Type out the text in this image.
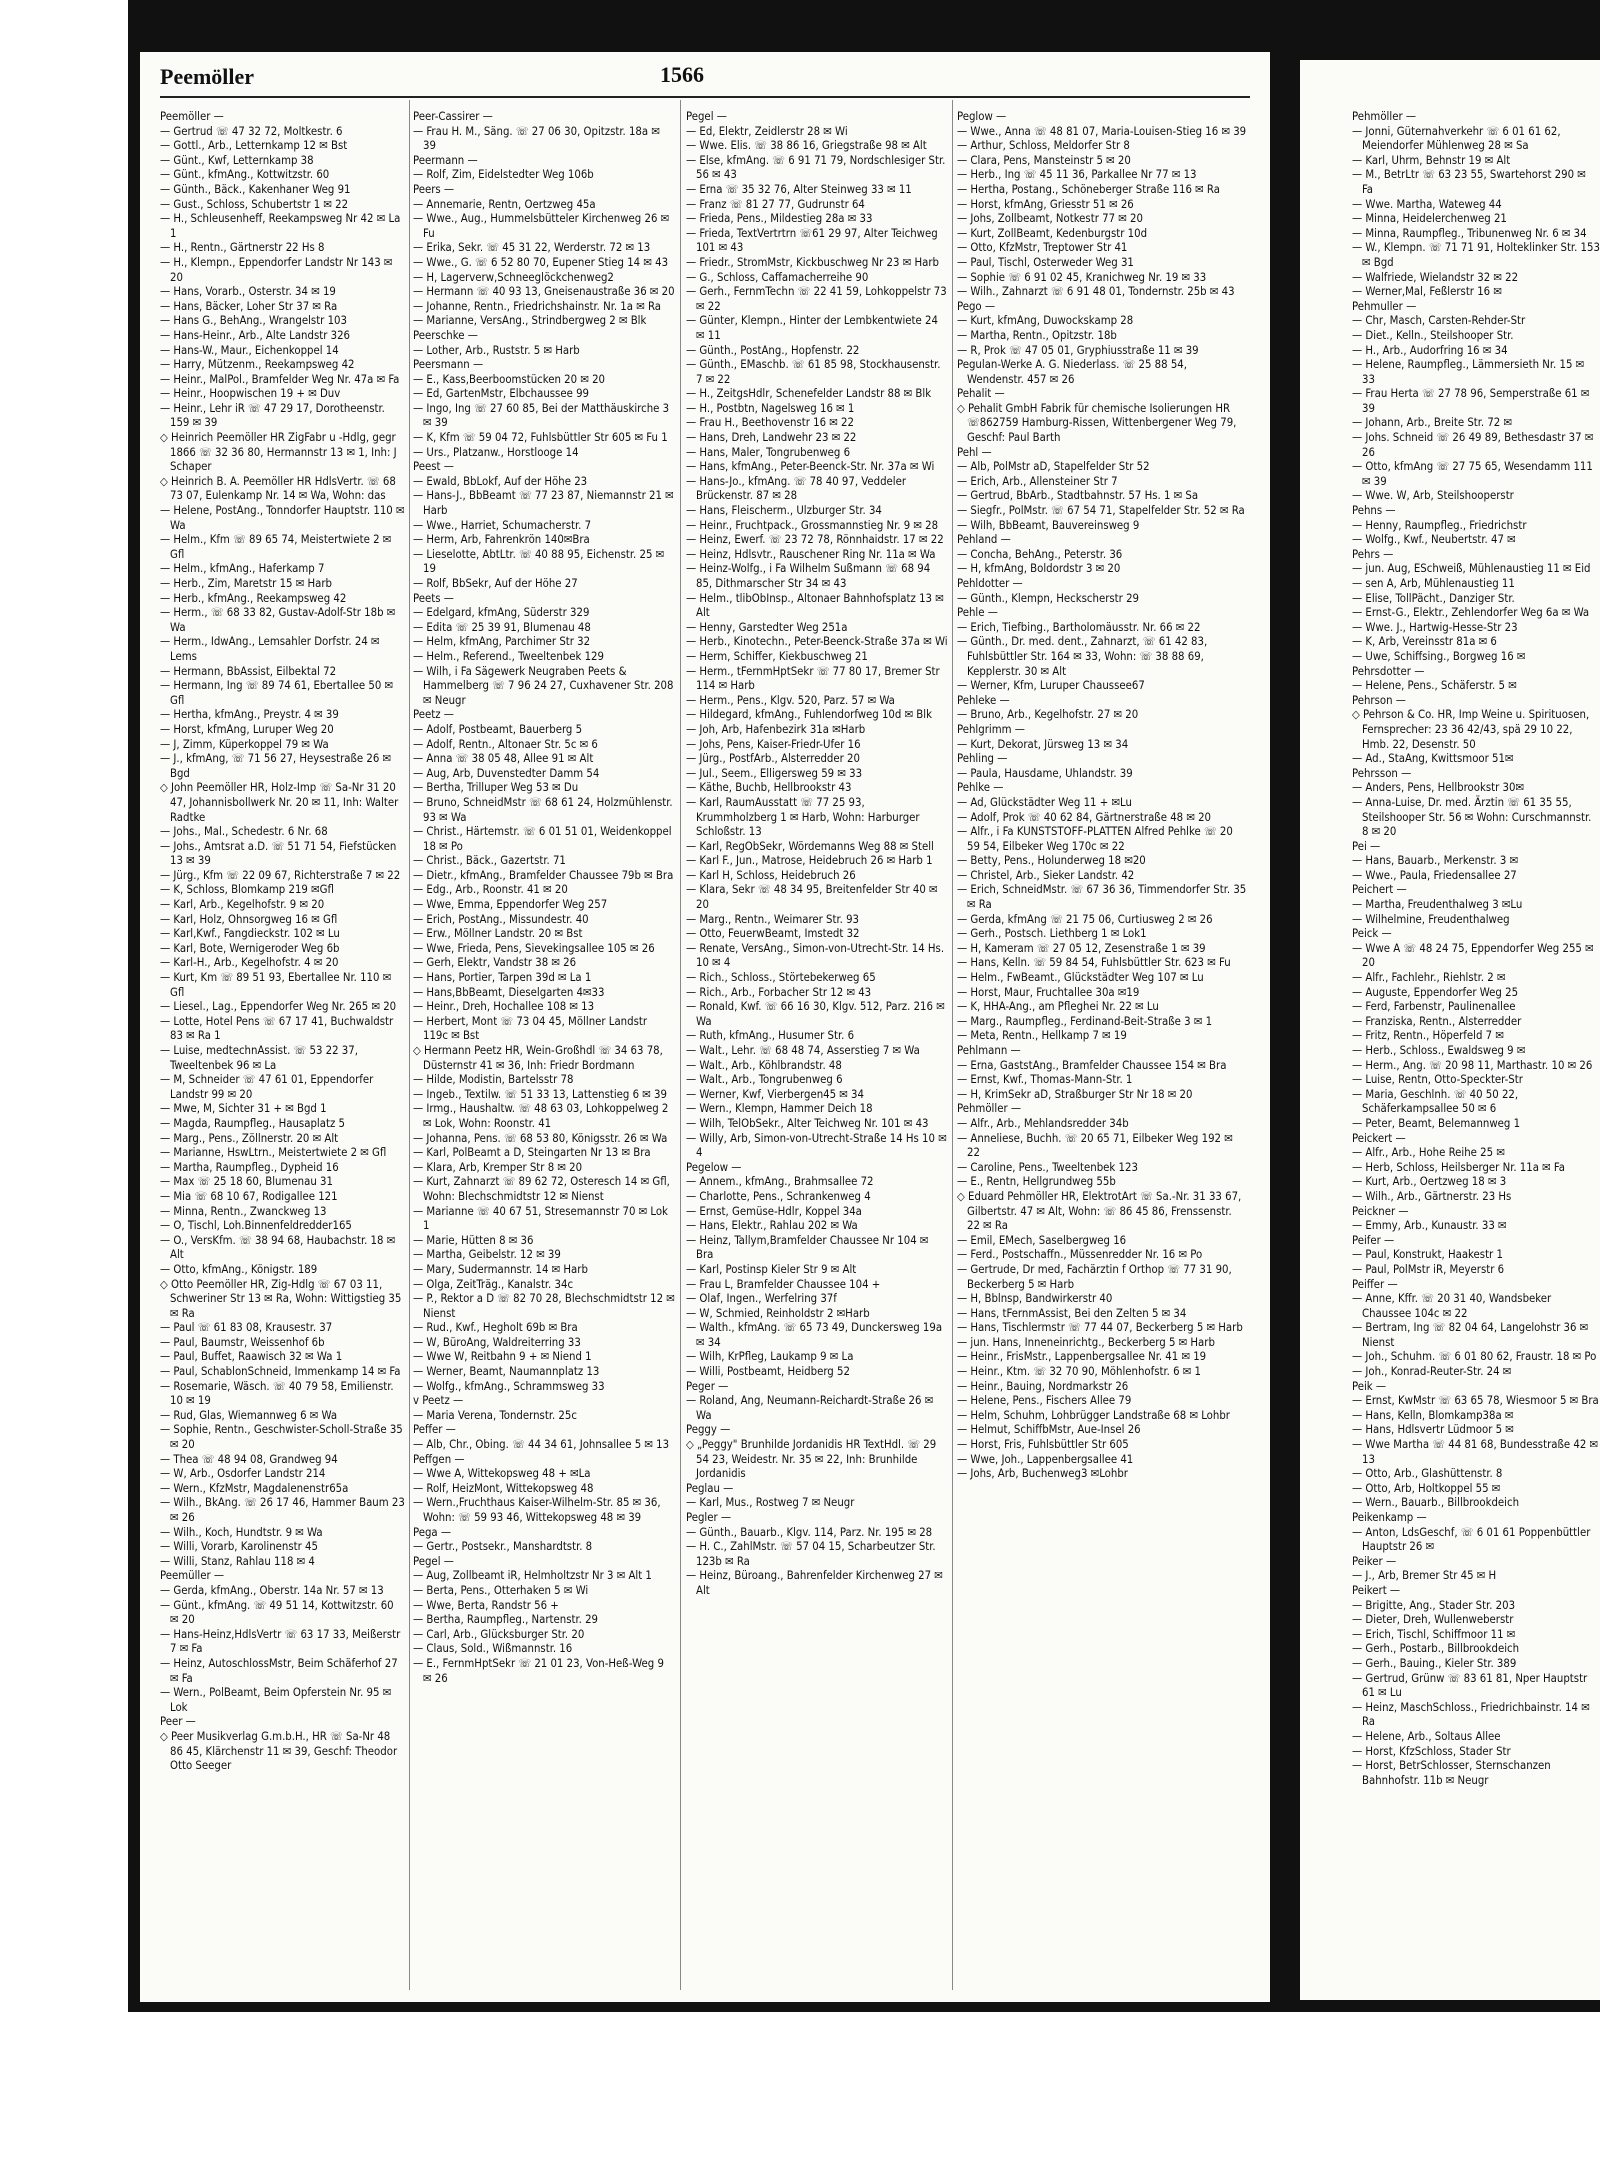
Peemöller	1566

Peemöller —

— Gertrud ☏ 47 32 72, Moltkestr. 6

— Gottl., Arb., Letternkamp 12 ✉ Bst

— Günt., Kwf, Letternkamp 38

— Günt., kfmAng., Kottwitzstr. 60

— Günth., Bäck., Kakenhaner Weg 91

— Gust., Schloss, Schubertstr 1 ✉ 22

— H., Schleusenheff, Reekampsweg Nr 42 ✉ La 1

— H., Rentn., Gärtnerstr 22 Hs 8

— H., Klempn., Eppendorfer Landstr Nr 143 ✉ 20

— Hans, Vorarb., Osterstr. 34 ✉ 19

— Hans, Bäcker, Loher Str 37 ✉ Ra

— Hans G., BehAng., Wrangelstr 103

— Hans-Heinr., Arb., Alte Landstr 326

— Hans-W., Maur., Eichenkoppel 14

— Harry, Mützenm., Reekampsweg 42

— Heinr., MalPol., Bramfelder Weg Nr. 47a ✉ Fa

— Heinr., Hoopwischen 19 + ✉ Duv

— Heinr., Lehr iR ☏ 47 29 17, Dorotheenstr. 159 ✉ 39

◇ Heinrich Peemöller HR ZigFabr u -Hdlg, gegr 1866 ☏ 32 36 80, Hermannstr 13 ✉ 1, Inh: J Schaper

◇ Heinrich B. A. Peemöller HR HdlsVertr. ☏ 68 73 07, Eulenkamp Nr. 14 ✉ Wa, Wohn: das

— Helene, PostAng., Tonndorfer Hauptstr. 110 ✉ Wa

— Helm., Kfm ☏ 89 65 74, Meistertwiete 2 ✉ Gfl

— Helm., kfmAng., Haferkamp 7

— Herb., Zim, Maretstr 15 ✉ Harb

— Herb., kfmAng., Reekampsweg 42

— Herm., ☏ 68 33 82, Gustav-Adolf-Str 18b ✉ Wa

— Herm., IdwAng., Lemsahler Dorfstr. 24 ✉ Lems

— Hermann, BbAssist, Eilbektal 72

— Hermann, Ing ☏ 89 74 61, Ebertallee 50 ✉ Gfl

— Hertha, kfmAng., Preystr. 4 ✉ 39

— Horst, kfmAng, Luruper Weg 20

— J, Zimm, Küperkoppel 79 ✉ Wa

— J., kfmAng, ☏ 71 56 27, Heysestraße 26 ✉ Bgd

◇ John Peemöller HR, Holz-Imp ☏ Sa-Nr 31 20 47, Johannisbollwerk Nr. 20 ✉ 11, Inh: Walter Radtke

— Johs., Mal., Schedestr. 6 Nr. 68

— Johs., Amtsrat a.D. ☏ 51 71 54, Fiefstücken 13 ✉ 39

— Jürg., Kfm ☏ 22 09 67, Richterstraße 7 ✉ 22

— K, Schloss, Blomkamp 219 ✉Gfl

— Karl, Arb., Kegelhofstr. 9 ✉ 20

— Karl, Holz, Ohnsorgweg 16 ✉ Gfl

— Karl,Kwf., Fangdieckstr. 102 ✉ Lu

— Karl, Bote, Wernigeroder Weg 6b

— Karl-H., Arb., Kegelhofstr. 4 ✉ 20

— Kurt, Km ☏ 89 51 93, Ebertallee Nr. 110 ✉ Gfl

— Liesel., Lag., Eppendorfer Weg Nr. 265 ✉ 20

— Lotte, Hotel Pens ☏ 67 17 41, Buchwaldstr 83 ✉ Ra 1

— Luise, medtechnAssist. ☏ 53 22 37, Tweeltenbek 96 ✉ La

— M, Schneider ☏ 47 61 01, Eppendorfer Landstr 99 ✉ 20

— Mwe, M, Sichter 31 + ✉ Bgd 1

— Magda, Raumpfleg., Hausaplatz 5

— Marg., Pens., Zöllnerstr. 20 ✉ Alt

— Marianne, HswLtrn., Meistertwiete 2 ✉ Gfl

— Martha, Raumpfleg., Dypheid 16

— Max ☏ 25 18 60, Blumenau 31

— Mia ☏ 68 10 67, Rodigallee 121

— Minna, Rentn., Zwanckweg 13

— O, Tischl, Loh.Binnenfeldredder165

— O., VersKfm. ☏ 38 94 68, Haubachstr. 18 ✉ Alt

— Otto, kfmAng., Königstr. 189

◇ Otto Peemöller HR, Zig-Hdlg ☏ 67 03 11, Schweriner Str 13 ✉ Ra, Wohn: Wittigstieg 35 ✉ Ra

— Paul ☏ 61 83 08, Krausestr. 37

— Paul, Baumstr, Weissenhof 6b

— Paul, Buffet, Raawisch 32 ✉ Wa 1

— Paul, SchablonSchneid, Immenkamp 14 ✉ Fa

— Rosemarie, Wäsch. ☏ 40 79 58, Emilienstr. 10 ✉ 19

— Rud, Glas, Wiemannweg 6 ✉ Wa

— Sophie, Rentn., Geschwister-Scholl-Straße 35 ✉ 20

— Thea ☏ 48 94 08, Grandweg 94

— W, Arb., Osdorfer Landstr 214

— Wern., KfzMstr, Magdalenenstr65a

— Wilh., BkAng. ☏ 26 17 46, Hammer Baum 23 ✉ 26

— Wilh., Koch, Hundtstr. 9 ✉ Wa

— Willi, Vorarb, Karolinenstr 45

— Willi, Stanz, Rahlau 118 ✉ 4

Peemüller —

— Gerda, kfmAng., Oberstr. 14a Nr. 57 ✉ 13

— Günt., kfmAng. ☏ 49 51 14, Kottwitzstr. 60 ✉ 20

— Hans-Heinz,HdlsVertr ☏ 63 17 33, Meißerstr 7 ✉ Fa

— Heinz, AutoschlossMstr, Beim Schäferhof 27 ✉ Fa

— Wern., PolBeamt, Beim Opferstein Nr. 95 ✉ Lok

Peer —

◇ Peer Musikverlag G.m.b.H., HR ☏ Sa-Nr 48 86 45, Klärchenstr 11 ✉ 39, Geschf: Theodor Otto Seeger

Peer-Cassirer —

— Frau H. M., Säng. ☏ 27 06 30, Opitzstr. 18a ✉ 39

Peermann —

— Rolf, Zim, Eidelstedter Weg 106b

Peers —

— Annemarie, Rentn, Oertzweg 45a

— Wwe., Aug., Hummelsbütteler Kirchenweg 26 ✉ Fu

— Erika, Sekr. ☏ 45 31 22, Werderstr. 72 ✉ 13

— Wwe., G. ☏ 6 52 80 70, Eupener Stieg 14 ✉ 43

— H, Lagerverw,Schneeglöckchenweg2

— Hermann ☏ 40 93 13, Gneisenaustraße 36 ✉ 20

— Johanne, Rentn., Friedrichshainstr. Nr. 1a ✉ Ra

— Marianne, VersAng., Strindbergweg 2 ✉ Blk

Peerschke —

— Lother, Arb., Ruststr. 5 ✉ Harb

Peersmann —

— E., Kass,Beerboomstücken 20 ✉ 20

— Ed, GartenMstr, Elbchaussee 99

— Ingo, Ing ☏ 27 60 85, Bei der Matthäuskirche 3 ✉ 39

— K, Kfm ☏ 59 04 72, Fuhlsbüttler Str 605 ✉ Fu 1

— Urs., Platzanw., Horstlooge 14

Peest —

— Ewald, BbLokf, Auf der Höhe 23

— Hans-J., BbBeamt ☏ 77 23 87, Niemannstr 21 ✉ Harb

— Wwe., Harriet, Schumacherstr. 7

— Herm, Arb, Fahrenkrön 140✉Bra

— Lieselotte, AbtLtr. ☏ 40 88 95, Eichenstr. 25 ✉ 19

— Rolf, BbSekr, Auf der Höhe 27

Peets —

— Edelgard, kfmAng, Süderstr 329

— Edita ☏ 25 39 91, Blumenau 48

— Helm, kfmAng, Parchimer Str 32

— Helm., Referend., Tweeltenbek 129

— Wilh, i Fa Sägewerk Neugraben Peets & Hammelberg ☏ 7 96 24 27, Cuxhavener Str. 208 ✉ Neugr

Peetz —

— Adolf, Postbeamt, Bauerberg 5

— Adolf, Rentn., Altonaer Str. 5c ✉ 6

— Anna ☏ 38 05 48, Allee 91 ✉ Alt

— Aug, Arb, Duvenstedter Damm 54

— Bertha, Trilluper Weg 53 ✉ Du

— Bruno, SchneidMstr ☏ 68 61 24, Holzmühlenstr. 93 ✉ Wa

— Christ., Härtemstr. ☏ 6 01 51 01, Weidenkoppel 18 ✉ Po

— Christ., Bäck., Gazertstr. 71

— Dietr., kfmAng., Bramfelder Chaussee 79b ✉ Bra

— Edg., Arb., Roonstr. 41 ✉ 20

— Wwe, Emma, Eppendorfer Weg 257

— Erich, PostAng., Missundestr. 40

— Erw., Möllner Landstr. 20 ✉ Bst

— Wwe, Frieda, Pens, Sievekingsallee 105 ✉ 26

— Gerh, Elektr, Vandstr 38 ✉ 26

— Hans, Portier, Tarpen 39d ✉ La 1

— Hans,BbBeamt, Dieselgarten 4✉33

— Heinr., Dreh, Hochallee 108 ✉ 13

— Herbert, Mont ☏ 73 04 45, Möllner Landstr 119c ✉ Bst

◇ Hermann Peetz HR, Wein-Großhdl ☏ 34 63 78, Düsternstr 41 ✉ 36, Inh: Friedr Bordmann

— Hilde, Modistin, Bartelsstr 78

— Ingeb., Textilw. ☏ 51 33 13, Lattenstieg 6 ✉ 39

— Irmg., Haushaltw. ☏ 48 63 03, Lohkoppelweg 2 ✉ Lok, Wohn: Roonstr. 41

— Johanna, Pens. ☏ 68 53 80, Königsstr. 26 ✉ Wa

— Karl, PolBeamt a D, Steingarten Nr 13 ✉ Bra

— Klara, Arb, Kremper Str 8 ✉ 20

— Kurt, Zahnarzt ☏ 89 62 72, Osteresch 14 ✉ Gfl, Wohn: Blechschmidtstr 12 ✉ Nienst

— Marianne ☏ 40 67 51, Stresemannstr 70 ✉ Lok 1

— Marie, Hütten 8 ✉ 36

— Martha, Geibelstr. 12 ✉ 39

— Mary, Sudermannstr. 14 ✉ Harb

— Olga, ZeitTräg., Kanalstr. 34c

— P., Rektor a D ☏ 82 70 28, Blechschmidtstr 12 ✉ Nienst

— Rud., Kwf., Hegholt 69b ✉ Bra

— W, BüroAng, Waldreiterring 33

— Wwe W, Reitbahn 9 + ✉ Niend 1

— Werner, Beamt, Naumannplatz 13

— Wolfg., kfmAng., Schrammsweg 33

v Peetz —

— Maria Verena, Tondernstr. 25c

Peffer —

— Alb, Chr., Obing. ☏ 44 34 61, Johnsallee 5 ✉ 13

Peffgen —

— Wwe A, Wittekopsweg 48 + ✉La

— Rolf, HeizMont, Wittekopsweg 48

— Wern.,Fruchthaus Kaiser-Wilhelm-Str. 85 ✉ 36, Wohn: ☏ 59 93 46, Wittekopsweg 48 ✉ 39

Pega —

— Gertr., Postsekr., Manshardtstr. 8

Pegel —

— Aug, Zollbeamt iR, Helmholtzstr Nr 3 ✉ Alt 1

— Berta, Pens., Otterhaken 5 ✉ Wi

— Wwe, Berta, Randstr 56 +

— Bertha, Raumpfleg., Nartenstr. 29

— Carl, Arb., Glücksburger Str. 20

— Claus, Sold., Wißmannstr. 16

— E., FernmHptSekr ☏ 21 01 23, Von-Heß-Weg 9 ✉ 26

Pegel —

— Ed, Elektr, Zeidlerstr 28 ✉ Wi

— Wwe. Elis. ☏ 38 86 16, Griegstraße 98 ✉ Alt

— Else, kfmAng. ☏ 6 91 71 79, Nordschlesiger Str. 56 ✉ 43

— Erna ☏ 35 32 76, Alter Steinweg 33 ✉ 11

— Franz ☏ 81 27 77, Gudrunstr 64

— Frieda, Pens., Mildestieg 28a ✉ 33

— Frieda, TextVertrtrn ☏61 29 97, Alter Teichweg 101 ✉ 43

— Friedr., StromMstr, Kickbuschweg Nr 23 ✉ Harb

— G., Schloss, Caffamacherreihe 90

— Gerh., FernmTechn ☏ 22 41 59, Lohkoppelstr 73 ✉ 22

— Günter, Klempn., Hinter der Lembkentwiete 24 ✉ 11

— Günth., PostAng., Hopfenstr. 22

— Günth., EMaschb. ☏ 61 85 98, Stockhausenstr. 7 ✉ 22

— H., ZeitgsHdlr, Schenefelder Landstr 88 ✉ Blk

— H., Postbtn, Nagelsweg 16 ✉ 1

— Frau H., Beethovenstr 16 ✉ 22

— Hans, Dreh, Landwehr 23 ✉ 22

— Hans, Maler, Tongrubenweg 6

— Hans, kfmAng., Peter-Beenck-Str. Nr. 37a ✉ Wi

— Hans-Jo., kfmAng. ☏ 78 40 97, Veddeler Brückenstr. 87 ✉ 28

— Hans, Fleischerm., Ulzburger Str. 34

— Heinr., Fruchtpack., Grossmannstieg Nr. 9 ✉ 28

— Heinz, Ewerf. ☏ 23 72 78, Rönnhaidstr. 17 ✉ 22

— Heinz, Hdlsvtr., Rauschener Ring Nr. 11a ✉ Wa

— Heinz-Wolfg., i Fa Wilhelm Sußmann ☏ 68 94 85, Dithmarscher Str 34 ✉ 43

— Helm., tlibObInsp., Altonaer Bahnhofsplatz 13 ✉ Alt

— Henny, Garstedter Weg 251a

— Herb., Kinotechn., Peter-Beenck-Straße 37a ✉ Wi

— Herm, Schiffer, Kiekbuschweg 21

— Herm., tFernmHptSekr ☏ 77 80 17, Bremer Str 114 ✉ Harb

— Herm., Pens., Klgv. 520, Parz. 57 ✉ Wa

— Hildegard, kfmAng., Fuhlendorfweg 10d ✉ Blk

— Joh, Arb, Hafenbezirk 31a ✉Harb

— Johs, Pens, Kaiser-Friedr-Ufer 16

— Jürg., PostfArb., Alsterredder 20

— Jul., Seem., Elligersweg 59 ✉ 33

— Käthe, Buchb, Hellbrookstr 43

— Karl, RaumAusstatt ☏ 77 25 93, Krummholzberg 1 ✉ Harb, Wohn: Harburger Schloßstr. 13

— Karl, RegObSekr, Wördemanns Weg 88 ✉ Stell

— Karl F., Jun., Matrose, Heidebruch 26 ✉ Harb 1

— Karl H, Schloss, Heidebruch 26

— Klara, Sekr ☏ 48 34 95, Breitenfelder Str 40 ✉ 20

— Marg., Rentn., Weimarer Str. 93

— Otto, FeuerwBeamt, Imstedt 32

— Renate, VersAng., Simon-von-Utrecht-Str. 14 Hs. 10 ✉ 4

— Rich., Schloss., Störtebekerweg 65

— Rich., Arb., Forbacher Str 12 ✉ 43

— Ronald, Kwf. ☏ 66 16 30, Klgv. 512, Parz. 216 ✉ Wa

— Ruth, kfmAng., Husumer Str. 6

— Walt., Lehr. ☏ 68 48 74, Asserstieg 7 ✉ Wa

— Walt., Arb., Köhlbrandstr. 48

— Walt., Arb., Tongrubenweg 6

— Werner, Kwf, Vierbergen45 ✉ 34

— Wern., Klempn, Hammer Deich 18

— Wilh, TelObSekr., Alter Teichweg Nr. 101 ✉ 43

— Willy, Arb, Simon-von-Utrecht-Straße 14 Hs 10 ✉ 4

Pegelow —

— Annem., kfmAng., Brahmsallee 72

— Charlotte, Pens., Schrankenweg 4

— Ernst, Gemüse-Hdlr, Koppel 34a

— Hans, Elektr., Rahlau 202 ✉ Wa

— Heinz, Tallym,Bramfelder Chaussee Nr 104 ✉ Bra

— Karl, Postinsp Kieler Str 9 ✉ Alt

— Frau L, Bramfelder Chaussee 104 +

— Olaf, Ingen., Werfelring 37f

— W, Schmied, Reinholdstr 2 ✉Harb

— Walth., kfmAng. ☏ 65 73 49, Dunckersweg 19a ✉ 34

— Wilh, KrPfleg, Laukamp 9 ✉ La

— Willi, Postbeamt, Heidberg 52

Peger —

— Roland, Ang, Neumann-Reichardt-Straße 26 ✉ Wa

Peggy —

◇ „Peggy" Brunhilde Jordanidis HR TextHdl. ☏ 29 54 23, Weidestr. Nr. 35 ✉ 22, Inh: Brunhilde Jordanidis

Peglau —

— Karl, Mus., Rostweg 7 ✉ Neugr

Pegler —

— Günth., Bauarb., Klgv. 114, Parz. Nr. 195 ✉ 28

— H. C., ZahlMstr. ☏ 57 04 15, Scharbeutzer Str. 123b ✉ Ra

— Heinz, Büroang., Bahrenfelder Kirchenweg 27 ✉ Alt

Peglow —

— Wwe., Anna ☏ 48 81 07, Maria-Louisen-Stieg 16 ✉ 39

— Arthur, Schloss, Meldorfer Str 8

— Clara, Pens, Mansteinstr 5 ✉ 20

— Herb., Ing ☏ 45 11 36, Parkallee Nr 77 ✉ 13

— Hertha, Postang., Schöneberger Straße 116 ✉ Ra

— Horst, kfmAng, Griesstr 51 ✉ 26

— Johs, Zollbeamt, Notkestr 77 ✉ 20

— Kurt, ZollBeamt, Kedenburgstr 10d

— Otto, KfzMstr, Treptower Str 41

— Paul, Tischl, Osterweder Weg 31

— Sophie ☏ 6 91 02 45, Kranichweg Nr. 19 ✉ 33

— Wilh., Zahnarzt ☏ 6 91 48 01, Tondernstr. 25b ✉ 43

Pego —

— Kurt, kfmAng, Duwockskamp 28

— Martha, Rentn., Opitzstr. 18b

— R, Prok ☏ 47 05 01, Gryphiusstraße 11 ✉ 39

Pegulan-Werke A. G. Niederlass. ☏ 25 88 54, Wendenstr. 457 ✉ 26

Pehalit —

◇ Pehalit GmbH Fabrik für chemische Isolierungen HR ☏862759 Hamburg-Rissen, Wittenbergener Weg 79, Geschf: Paul Barth

Pehl —

— Alb, PolMstr aD, Stapelfelder Str 52

— Erich, Arb., Allensteiner Str 7

— Gertrud, BbArb., Stadtbahnstr. 57 Hs. 1 ✉ Sa

— Siegfr., PolMstr. ☏ 67 54 71, Stapelfelder Str. 52 ✉ Ra

— Wilh, BbBeamt, Bauvereinsweg 9

Pehland —

— Concha, BehAng., Peterstr. 36

— H, kfmAng, Boldordstr 3 ✉ 20

Pehldotter —

— Günth., Klempn, Heckscherstr 29

Pehle —

— Erich, Tiefbing., Bartholomäusstr. Nr. 66 ✉ 22

— Günth., Dr. med. dent., Zahnarzt, ☏ 61 42 83, Fuhlsbüttler Str. 164 ✉ 33, Wohn: ☏ 38 88 69, Kepplerstr. 30 ✉ Alt

— Werner, Kfm, Luruper Chaussee67

Pehleke —

— Bruno, Arb., Kegelhofstr. 27 ✉ 20

Pehlgrimm —

— Kurt, Dekorat, Jürsweg 13 ✉ 34

Pehling —

— Paula, Hausdame, Uhlandstr. 39

Pehlke —

— Ad, Glückstädter Weg 11 + ✉Lu

— Adolf, Prok ☏ 40 62 84, Gärtnerstraße 48 ✉ 20

— Alfr., i Fa KUNSTSTOFF-PLATTEN Alfred Pehlke ☏ 20 59 54, Eilbeker Weg 170c ✉ 22

— Betty, Pens., Holunderweg 18 ✉20

— Christel, Arb., Sieker Landstr. 42

— Erich, SchneidMstr. ☏ 67 36 36, Timmendorfer Str. 35 ✉ Ra

— Gerda, kfmAng ☏ 21 75 06, Curtiusweg 2 ✉ 26

— Gerh., Postsch. Liethberg 1 ✉ Lok1

— H, Kameram ☏ 27 05 12, Zesenstraße 1 ✉ 39

— Hans, Kelln. ☏ 59 84 54, Fuhlsbüttler Str. 623 ✉ Fu

— Helm., FwBeamt., Glückstädter Weg 107 ✉ Lu

— Horst, Maur, Fruchtallee 30a ✉19

— K, HHA-Ang., am Pfleghei Nr. 22 ✉ Lu

— Marg., Raumpfleg., Ferdinand-Beit-Straße 3 ✉ 1

— Meta, Rentn., Hellkamp 7 ✉ 19

Pehlmann —

— Erna, GaststAng., Bramfelder Chaussee 154 ✉ Bra

— Ernst, Kwf., Thomas-Mann-Str. 1

— H, KrimSekr aD, Straßburger Str Nr 18 ✉ 20

Pehmöller —

— Alfr., Arb., Mehlandsredder 34b

— Anneliese, Buchh. ☏ 20 65 71, Eilbeker Weg 192 ✉ 22

— Caroline, Pens., Tweeltenbek 123

— E., Rentn, Hellgrundweg 55b

◇ Eduard Pehmöller HR, ElektrotArt ☏ Sa.-Nr. 31 33 67, Gilbertstr. 47 ✉ Alt, Wohn: ☏ 86 45 86, Frenssenstr. 22 ✉ Ra

— Emil, EMech, Saselbergweg 16

— Ferd., Postschaffn., Müssenredder Nr. 16 ✉ Po

— Gertrude, Dr med, Fachärztin f Orthop ☏ 77 31 90, Beckerberg 5 ✉ Harb

— H, Bblnsp, Bandwirkerstr 40

— Hans, tFernmAssist, Bei den Zelten 5 ✉ 34

— Hans, Tischlermstr ☏ 77 44 07, Beckerberg 5 ✉ Harb

— jun. Hans, Inneneinrichtg., Beckerberg 5 ✉ Harb

— Heinr., FrisMstr., Lappenbergsallee Nr. 41 ✉ 19

— Heinr., Ktm. ☏ 32 70 90, Möhlenhofstr. 6 ✉ 1

— Heinr., Bauing, Nordmarkstr 26

— Helene, Pens., Fischers Allee 79

— Helm, Schuhm, Lohbrügger Landstraße 68 ✉ Lohbr

— Helmut, SchiffbMstr, Aue-Insel 26

— Horst, Fris, Fuhlsbüttler Str 605

— Wwe, Joh., Lappenbergsallee 41

— Johs, Arb, Buchenweg3 ✉Lohbr

Pehmöller —

— Jonni, Güternahverkehr ☏ 6 01 61 62, Meiendorfer Mühlenweg 28 ✉ Sa

— Karl, Uhrm, Behnstr 19 ✉ Alt

— M., BetrLtr ☏ 63 23 55, Swartehorst 290 ✉ Fa

— Wwe. Martha, Wateweg 44

— Minna, Heidelerchenweg 21

— Minna, Raumpfleg., Tribunenweg Nr. 6 ✉ 34

— W., Klempn. ☏ 71 71 91, Holteklinker Str. 153 ✉ Bgd

— Walfriede, Wielandstr 32 ✉ 22

— Werner,Mal, Feßlerstr 16 ✉

Pehmuller —

— Chr, Masch, Carsten-Rehder-Str

— Diet., Kelln., Steilshooper Str.

— H., Arb., Audorfring 16 ✉ 34

— Helene, Raumpfleg., Lämmersieth Nr. 15 ✉ 33

— Frau Herta ☏ 27 78 96, Semperstraße 61 ✉ 39

— Johann, Arb., Breite Str. 72 ✉

— Johs. Schneid ☏ 26 49 89, Bethesdastr 37 ✉ 26

— Otto, kfmAng ☏ 27 75 65, Wesendamm 111 ✉ 39

— Wwe. W, Arb, Steilshooperstr

Pehns —

— Henny, Raumpfleg., Friedrichstr

— Wolfg., Kwf., Neubertstr. 47 ✉

Pehrs —

— jun. Aug, ESchweiß, Mühlenaustieg 11 ✉ Eid

— sen A, Arb, Mühlenaustieg 11

— Elise, TollPächt., Danziger Str.

— Ernst-G., Elektr., Zehlendorfer Weg 6a ✉ Wa

— Wwe. J., Hartwig-Hesse-Str 23

— K, Arb, Vereinsstr 81a ✉ 6

— Uwe, Schiffsing., Borgweg 16 ✉

Pehrsdotter —

— Helene, Pens., Schäferstr. 5 ✉

Pehrson —

◇ Pehrson & Co. HR, Imp Weine u. Spirituosen, Fernsprecher: 23 36 42/43, spä 29 10 22, Hmb. 22, Desenstr. 50

— Ad., StaAng, Kwittsmoor 51✉

Pehrsson —

— Anders, Pens, Hellbrookstr 30✉

— Anna-Luise, Dr. med. Ärztin ☏ 61 35 55, Steilshooper Str. 56 ✉ Wohn: Curschmannstr. 8 ✉ 20

Pei —

— Hans, Bauarb., Merkenstr. 3 ✉

— Wwe., Paula, Friedensallee 27

Peichert —

— Martha, Freudenthalweg 3 ✉Lu

— Wilhelmine, Freudenthalweg

Peick —

— Wwe A ☏ 48 24 75, Eppendorfer Weg 255 ✉ 20

— Alfr., Fachlehr., Riehlstr. 2 ✉

— Auguste, Eppendorfer Weg 25

— Ferd, Farbenstr, Paulinenallee

— Franziska, Rentn., Alsterredder

— Fritz, Rentn., Höperfeld 7 ✉

— Herb., Schloss., Ewaldsweg 9 ✉

— Herm., Ang. ☏ 20 98 11, Marthastr. 10 ✉ 26

— Luise, Rentn, Otto-Speckter-Str

— Maria, Geschlnh. ☏ 40 50 22, Schäferkampsallee 50 ✉ 6

— Peter, Beamt, Belemannweg 1

Peickert —

— Alfr., Arb., Hohe Reihe 25 ✉

— Herb, Schloss, Heilsberger Nr. 11a ✉ Fa

— Kurt, Arb., Oertzweg 18 ✉ 3

— Wilh., Arb., Gärtnerstr. 23 Hs

Peickner —

— Emmy, Arb., Kunaustr. 33 ✉

Peifer —

— Paul, Konstrukt, Haakestr 1

— Paul, PolMstr iR, Meyerstr 6

Peiffer —

— Anne, Kffr. ☏ 20 31 40, Wandsbeker Chaussee 104c ✉ 22

— Bertram, Ing ☏ 82 04 64, Langelohstr 36 ✉ Nienst

— Joh., Schuhm. ☏ 6 01 80 62, Fraustr. 18 ✉ Po

— Joh., Konrad-Reuter-Str. 24 ✉

Peik —

— Ernst, KwMstr ☏ 63 65 78, Wiesmoor 5 ✉ Bra

— Hans, Kelln, Blomkamp38a ✉

— Hans, Hdlsvertr Lüdmoor 5 ✉

— Wwe Martha ☏ 44 81 68, Bundesstraße 42 ✉ 13

— Otto, Arb., Glashüttenstr. 8

— Otto, Arb, Holtkoppel 55 ✉

— Wern., Bauarb., Billbrookdeich

Peikenkamp —

— Anton, LdsGeschf, ☏ 6 01 61 Poppenbüttler Hauptstr 26 ✉

Peiker —

— J., Arb, Bremer Str 45 ✉ H

Peikert —

— Brigitte, Ang., Stader Str. 203

— Dieter, Dreh, Wullenweberstr

— Erich, Tischl, Schiffmoor 11 ✉

— Gerh., Postarb., Billbrookdeich

— Gerh., Bauing., Kieler Str. 389

— Gertrud, Grünw ☏ 83 61 81, Nper Hauptstr 61 ✉ Lu

— Heinz, MaschSchloss., Friedrichbainstr. 14 ✉ Ra

— Helene, Arb., Soltaus Allee

— Horst, KfzSchloss, Stader Str

— Horst, BetrSchlosser, Sternschanzen Bahnhofstr. 11b ✉ Neugr
